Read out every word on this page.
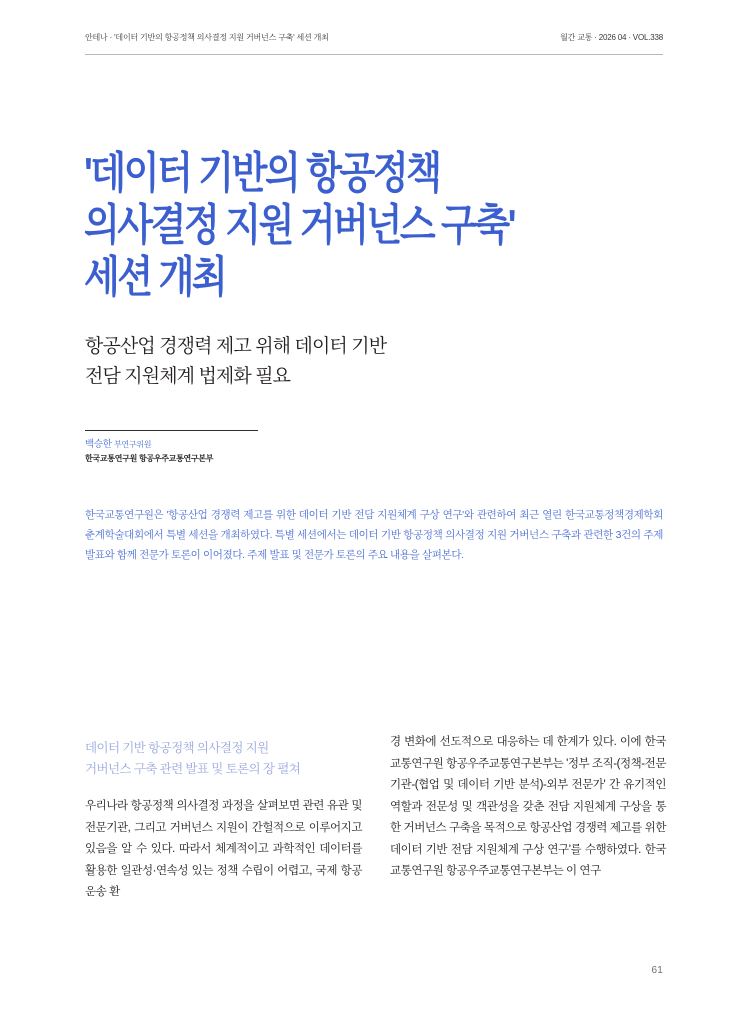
안테나 · '데이터 기반의 항공정책 의사결정 지원 거버넌스 구축' 세션 개최	월간 교통 · 2026 04 · VOL.338
'데이터 기반의 항공정책
의사결정 지원 거버넌스 구축'
세션 개최
항공산업 경쟁력 제고 위해 데이터 기반
전담 지원체계 법제화 필요
백승한 부연구위원
한국교통연구원 항공우주교통연구본부
한국교통연구원은 '항공산업 경쟁력 제고를 위한 데이터 기반 전담 지원체계 구상 연구'와 관련하여 최근 열린 한국교통정책경제학회 춘계학술대회에서 특별 세션을 개최하였다. 특별 세션에서는 데이터 기반 항공정책 의사결정 지원 거버넌스 구축과 관련한 3건의 주제 발표와 함께 전문가 토론이 이어졌다. 주제 발표 및 전문가 토론의 주요 내용을 살펴본다.
데이터 기반 항공정책 의사결정 지원
거버넌스 구축 관련 발표 및 토론의 장 펼쳐

우리나라 항공정책 의사결정 과정을 살펴보면 관련 유관 및 전문기관, 그리고 거버넌스 지원이 간헐적으로 이루어지고 있음을 알 수 있다. 따라서 체계적이고 과학적인 데이터를 활용한 일관성·연속성 있는 정책 수립이 어렵고, 국제 항공운송 환

경 변화에 선도적으로 대응하는 데 한계가 있다. 이에 한국교통연구원 항공우주교통연구본부는 '정부 조직-(정책-전문기관-(협업 및 데이터 기반 분석)-외부 전문가' 간 유기적인 역할과 전문성 및 객관성을 갖춘 전담 지원체계 구상을 통한 거버넌스 구축을 목적으로 항공산업 경쟁력 제고를 위한 데이터 기반 전담 지원체계 구상 연구'를 수행하였다. 한국교통연구원 항공우주교통연구본부는 이 연구

61
